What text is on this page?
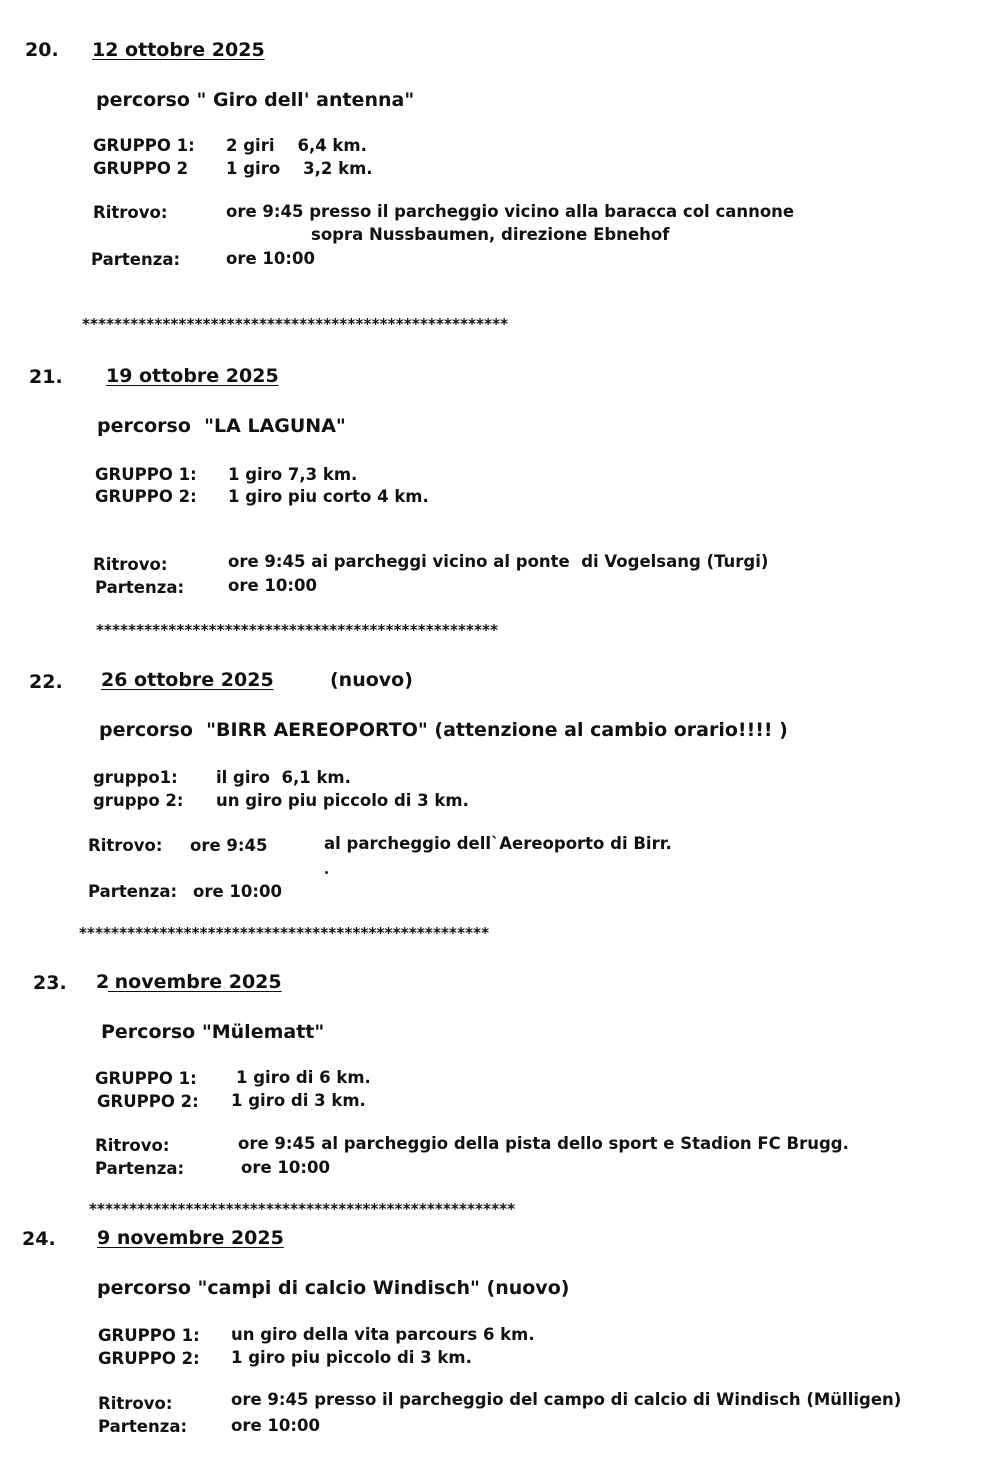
20. 12 ottobre 2025
percorso " Giro dell' antenna"
GRUPPO 1: 2 giri    6,4 km.
GRUPPO 2 1 giro    3,2 km.
Ritrovo:	ore 9:45 presso il parcheggio vicino alla baracca col cannone
sopra Nussbaumen, direzione Ebnehof
Partenza:	ore 10:00
*****************************************************
21. 19 ottobre 2025
percorso  "LA LAGUNA"
GRUPPO 1: 1 giro 7,3 km.
GRUPPO 2: 1 giro piu corto 4 km.
Ritrovo:	ore 9:45 ai parcheggi vicino al ponte  di Vogelsang (Turgi)
Partenza:	ore 10:00
**************************************************
22. 26 ottobre 2025	(nuovo)
percorso  "BIRR AEREOPORTO" (attenzione al cambio orario!!!! )
gruppo1: il giro  6,1 km.
gruppo 2: un giro piu piccolo di 3 km.
Ritrovo: ore 9:45	al parcheggio dell`Aereoporto di Birr.
Partenza: ore 10:00
***************************************************
23. 2
novembre 2025
Percorso "Mülematt"
GRUPPO 1: 1 giro di 6 km.
GRUPPO 2: 1 giro di 3 km.
Ritrovo:	ore 9:45 al parcheggio della pista dello sport e Stadion FC Brugg.
Partenza:	ore 10:00
*****************************************************
24. 9 novembre 2025
percorso "campi di calcio Windisch" (nuovo)
GRUPPO 1: un giro della vita parcours 6 km.
GRUPPO 2: 1 giro piu piccolo di 3 km.
Ritrovo:	ore 9:45 presso il parcheggio del campo di calcio di Windisch (Mülligen)
Partenza:	ore 10:00
